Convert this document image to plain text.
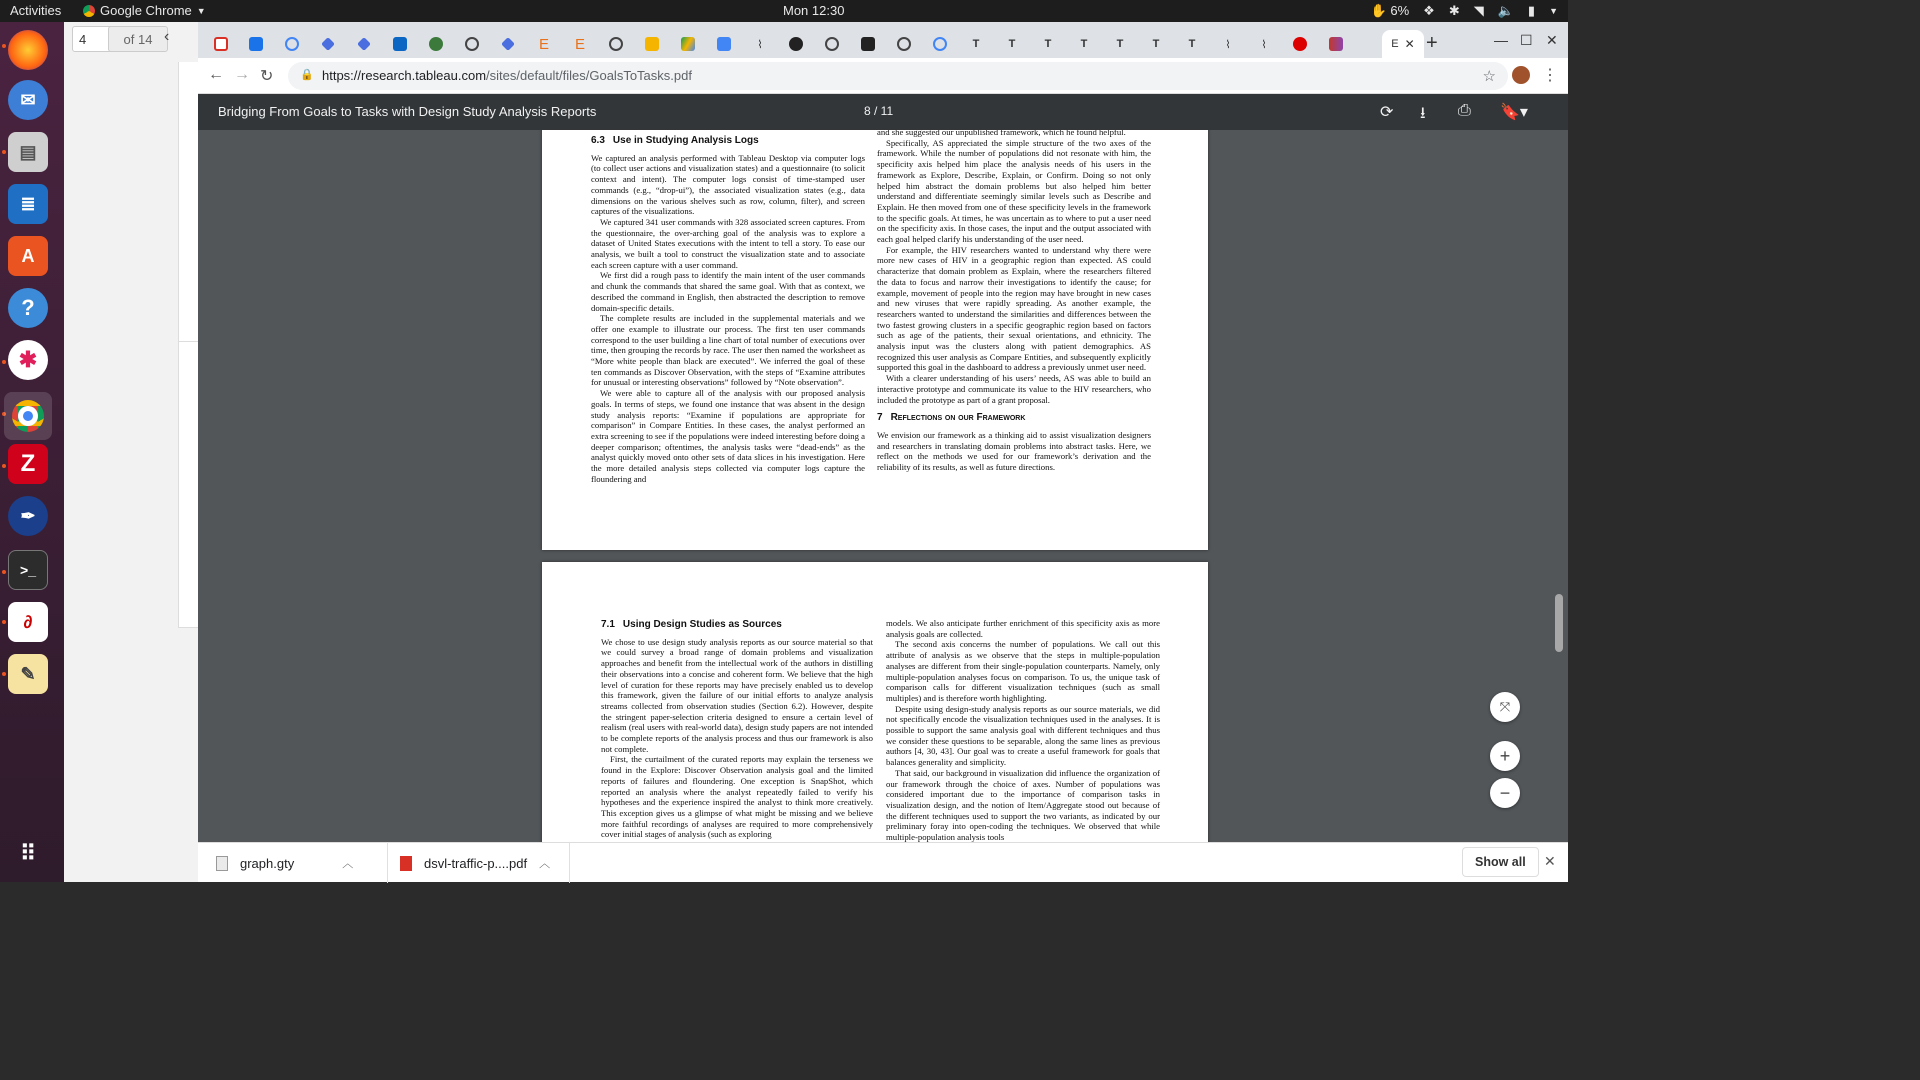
Activities	Google Chrome ▼	Mon 12:30	✋ 6% ❖ ✱ ◥ 🔈 ▮ ▼
✉
▤
≣
A
?
✱
Z
✒
>_
∂
✎
⠿
4	of 14 ‹	E E	⌇	T	T	T	T	T	T	T	⌇	⌇	E ✕ +	— ☐ ✕
← → ↻ 🔒 https://research.tableau.com/sites/default/files/GoalsToTasks.pdf	☆	⋮
Bridging From Goals to Tasks with Design Study Analysis Reports	8 / 11	⟳ ⭳ ⎙ 🔖▾

6.3 Use in Studying Analysis Logs

We captured an analysis performed with Tableau Desktop via computer logs (to collect user actions and visualization states) and a questionnaire (to solicit context and intent). The computer logs consist of time-stamped user commands (e.g., “drop-ui”), the associated visualization states (e.g., data dimensions on the various shelves such as row, column, filter), and screen captures of the visualizations.

We captured 341 user commands with 328 associated screen captures. From the questionnaire, the over-arching goal of the analysis was to explore a dataset of United States executions with the intent to tell a story. To ease our analysis, we built a tool to construct the visualization state and to associate each screen capture with a user command.

We first did a rough pass to identify the main intent of the user commands and chunk the commands that shared the same goal. With that as context, we described the command in English, then abstracted the description to remove domain-specific details.

The complete results are included in the supplemental materials and we offer one example to illustrate our process. The first ten user commands correspond to the user building a line chart of total number of executions over time, then grouping the records by race. The user then named the worksheet as “More white people than black are executed”. We inferred the goal of these ten commands as Discover Observation, with the steps of “Examine attributes for unusual or interesting observations” followed by “Note observation”.

We were able to capture all of the analysis with our proposed analysis goals. In terms of steps, we found one instance that was absent in the design study analysis reports: “Examine if populations are appropriate for comparison” in Compare Entities. In these cases, the analyst performed an extra screening to see if the populations were indeed interesting before doing a deeper comparison; oftentimes, the analysis tasks were “dead-ends” as the analyst quickly moved onto other sets of data slices in his investigation. Here the more detailed analysis steps collected via computer logs capture the floundering and

and she suggested our unpublished framework, which he found helpful.

Specifically, AS appreciated the simple structure of the two axes of the framework. While the number of populations did not resonate with him, the specificity axis helped him place the analysis needs of his users in the framework as Explore, Describe, Explain, or Confirm. Doing so not only helped him abstract the domain problems but also helped him better understand and differentiate seemingly similar levels such as Describe and Explain. He then moved from one of these specificity levels in the framework to the specific goals. At times, he was uncertain as to where to put a user need on the specificity axis. In those cases, the input and the output associated with each goal helped clarify his understanding of the user need.

For example, the HIV researchers wanted to understand why there were more new cases of HIV in a geographic region than expected. AS could characterize that domain problem as Explain, where the researchers filtered the data to focus and narrow their investigations to identify the cause; for example, movement of people into the region may have brought in new cases and new viruses that were rapidly spreading. As another example, the researchers wanted to understand the similarities and differences between the two fastest growing clusters in a specific geographic region based on factors such as age of the patients, their sexual orientations, and ethnicity. The analysis input was the clusters along with patient demographics. AS recognized this user analysis as Compare Entities, and subsequently explicitly supported this goal in the dashboard to address a previously unmet user need.

With a clearer understanding of his users’ needs, AS was able to build an interactive prototype and communicate its value to the HIV researchers, who included the prototype as part of a grant proposal.

7 Reflections on our Framework

We envision our framework as a thinking aid to assist visualization designers and researchers in translating domain problems into abstract tasks. Here, we reflect on the methods we used for our framework’s derivation and the reliability of its results, as well as future directions.

7.1 Using Design Studies as Sources

We chose to use design study analysis reports as our source material so that we could survey a broad range of domain problems and visualization approaches and benefit from the intellectual work of the authors in distilling their observations into a concise and coherent form. We believe that the high level of curation for these reports may have precisely enabled us to develop this framework, given the failure of our initial efforts to analyze analysis streams collected from observation studies (Section 6.2). However, despite the stringent paper-selection criteria designed to ensure a certain level of realism (real users with real-world data), design study papers are not intended to be complete reports of the analysis process and thus our framework is also not complete.

First, the curtailment of the curated reports may explain the terseness we found in the Explore: Discover Observation analysis goal and the limited reports of failures and floundering. One exception is SnapShot, which reported an analysis where the analyst repeatedly failed to verify his hypotheses and the experience inspired the analyst to think more creatively. This exception gives us a glimpse of what might be missing and we believe more faithful recordings of analyses are required to more comprehensively cover initial stages of analysis (such as exploring

models. We also anticipate further enrichment of this specificity axis as more analysis goals are collected.

The second axis concerns the number of populations. We call out this attribute of analysis as we observe that the steps in multiple-population analyses are different from their single-population counterparts. Namely, only multiple-population analyses focus on comparison. To us, the unique task of comparison calls for different visualization techniques (such as small multiples) and is therefore worth highlighting.

Despite using design-study analysis reports as our source materials, we did not specifically encode the visualization techniques used in the analyses. It is possible to support the same analysis goal with different techniques and thus we consider these questions to be separable, along the same lines as previous authors [4, 30, 43]. Our goal was to create a useful framework for goals that balances generality and simplicity.

That said, our background in visualization did influence the organization of our framework through the choice of axes. Number of populations was considered important due to the importance of comparison tasks in visualization design, and the notion of Item/Aggregate stood out because of the different techniques used to support the two variants, as indicated by our preliminary foray into open-coding the techniques. We observed that while multiple-population analysis tools

⤧
+
−
graph.gty	︿	dsvl-traffic-p....pdf ︿	Show all	✕
